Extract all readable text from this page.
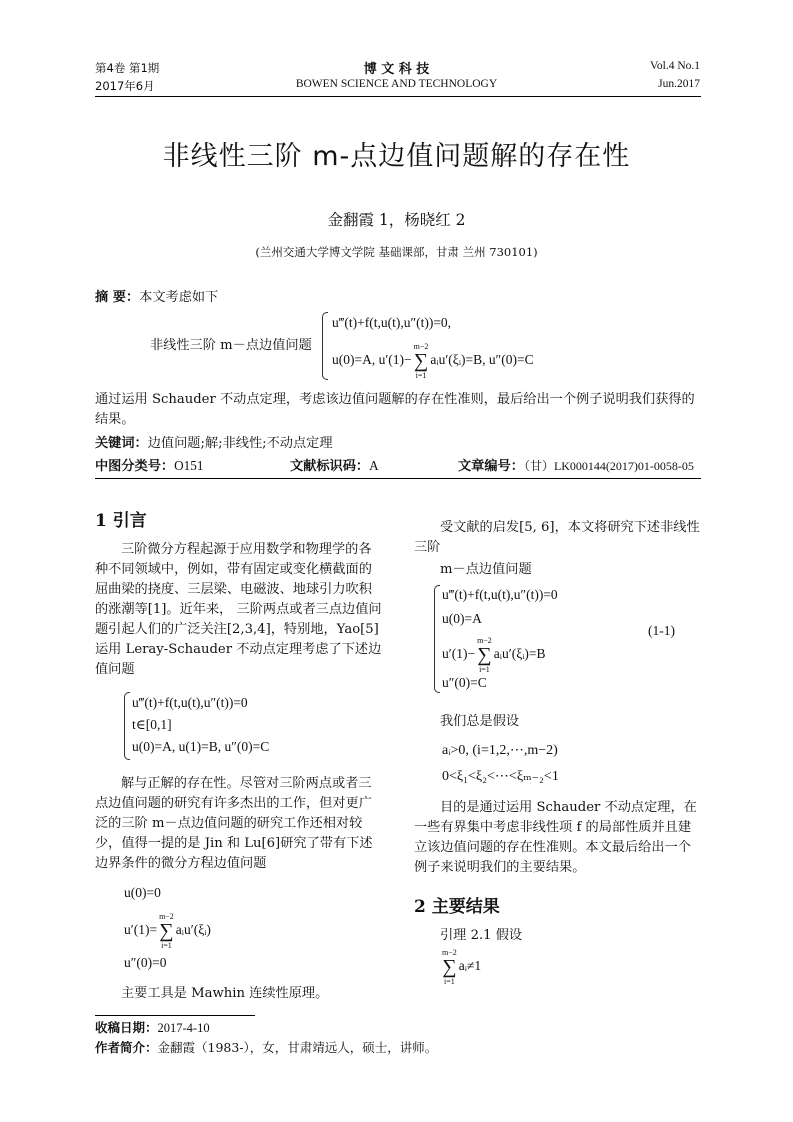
第4卷 第1期
2017年6月
博 文 科 技
BOWEN SCIENCE AND TECHNOLOGY
Vol.4 No.1
Jun.2017
非线性三阶 m-点边值问题解的存在性
金翻霞 1，杨晓红 2
(兰州交通大学博文学院 基础课部，甘肃 兰州 730101)
摘 要：本文考虑如下
非线性三阶 m－点边值问题
u‴(t)+f(t,u(t),u″(t))=0,
u(0)=A, u′(1)−m−2
∑
i=1aᵢu′(ξᵢ)=B, u″(0)=C
通过运用 Schauder 不动点定理，考虑该边值问题解的存在性准则，最后给出一个例子说明我们获得的结果。
关键词：边值问题;解;非线性;不动点定理
中图分类号：O151	文献标识码：A	文章编号：（甘）LK000144(2017)01-0058-05
1 引言
三阶微分方程起源于应用数学和物理学的各种不同领域中，例如，带有固定或变化横截面的屈曲梁的挠度、三层梁、电磁波、地球引力吹积的涨潮等[1]。近年来， 三阶两点或者三点边值问题引起人们的广泛关注[2,3,4]，特别地，Yao[5]运用 Leray-Schauder 不动点定理考虑了下述边值问题
u‴(t)+f(t,u(t),u″(t))=0
t∈[0,1]
u(0)=A, u(1)=B, u″(0)=C
解与正解的存在性。尽管对三阶两点或者三点边值问题的研究有许多杰出的工作，但对更广泛的三阶 m－点边值问题的研究工作还相对较少，值得一提的是 Jin 和 Lu[6]研究了带有下述边界条件的微分方程边值问题
u(0)=0
u′(1)=m−2
∑
i=1aᵢu′(ξᵢ)
u″(0)=0
主要工具是 Mawhin 连续性原理。
受文献的启发[5, 6]，本文将研究下述非线性三阶
m－点边值问题
u‴(t)+f(t,u(t),u″(t))=0
u(0)=A
u′(1)−m−2
∑
i=1aᵢu′(ξᵢ)=B
u″(0)=C
(1-1)
我们总是假设
aᵢ>0, (i=1,2,⋯,m−2)
0<ξ₁<ξ₂<⋯<ξₘ₋₂<1
目的是通过运用 Schauder 不动点定理，在一些有界集中考虑非线性项 f 的局部性质并且建立该边值问题的存在性准则。本文最后给出一个例子来说明我们的主要结果。
2 主要结果
引理 2.1 假设
m−2
∑
i=1aᵢ≠1
收稿日期：2017-4-10
作者简介：金翻霞（1983-），女，甘肃靖远人，硕士，讲师。
